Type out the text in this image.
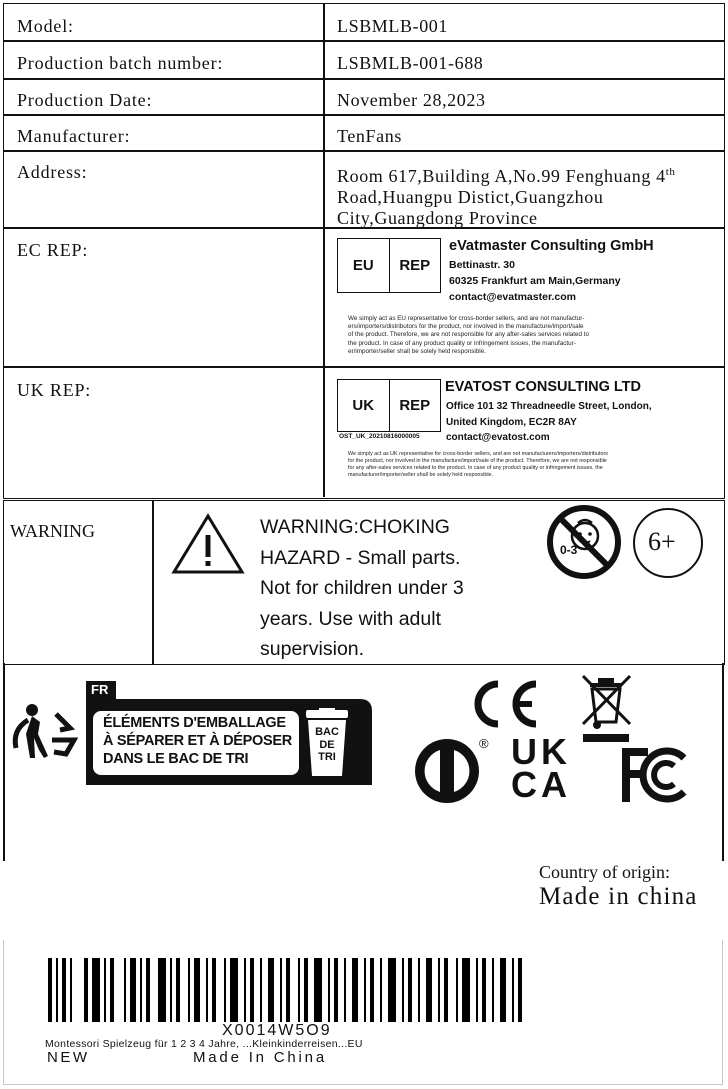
Model:	LSBMLB-001
Production batch number:	LSBMLB-001-688
Production Date:	November 28,2023
Manufacturer:	TenFans
Address:	Room 617,Building A,No.99 Fenghuang 4th
Road,Huangpu Distict,Guangzhou
City,Guangdong Province
EC REP:
EU	REP
eVatmaster Consulting GmbH
Bettinastr. 30
60325 Frankfurt am Main,Germany
contact@evatmaster.com
We simply act as EU representative for cross-border sellers, and are not manufactur-
ers/importers/distributors for the product, nor involved in the manufacture/import/sale
of the product. Therefore, we are not responsible for any after-sales services related to
the product. In case of any product quality or infringement issues, the manufactur-
er/importer/seller shall be solely held responsible.
UK REP:
UK	REP
OST_UK_20210816000005
EVATOST CONSULTING LTD
Office 101 32 Threadneedle Street, London,
United Kingdom, EC2R 8AY
contact@evatost.com
We simply act as UK representative for cross-border sellers, and are not manufacturers/importers/distributors
for the product, nor involved in the manufacture/import/sale of the product. Therefore, we are not responsible
for any after-sales services related to the product. In case of any product quality or infringement issues, the
manufacturer/importer/seller shall be solely held responsible.
WARNING	WARNING:CHOKING
HAZARD - Small parts.
Not for children under 3
years. Use with adult
supervision.
0-3	6+
FR
ÉLÉMENTS D'EMBALLAGE
À SÉPARER ET À DÉPOSER
DANS LE BAC DE TRI
BAC
DE
TRI
® UK
CA
Country of origin:
Made in china
X0014W5O9
Montessori Spielzeug für 1 2 3 4 Jahre, ...Kleinkinderreisen...EU
NEW	Made In China
